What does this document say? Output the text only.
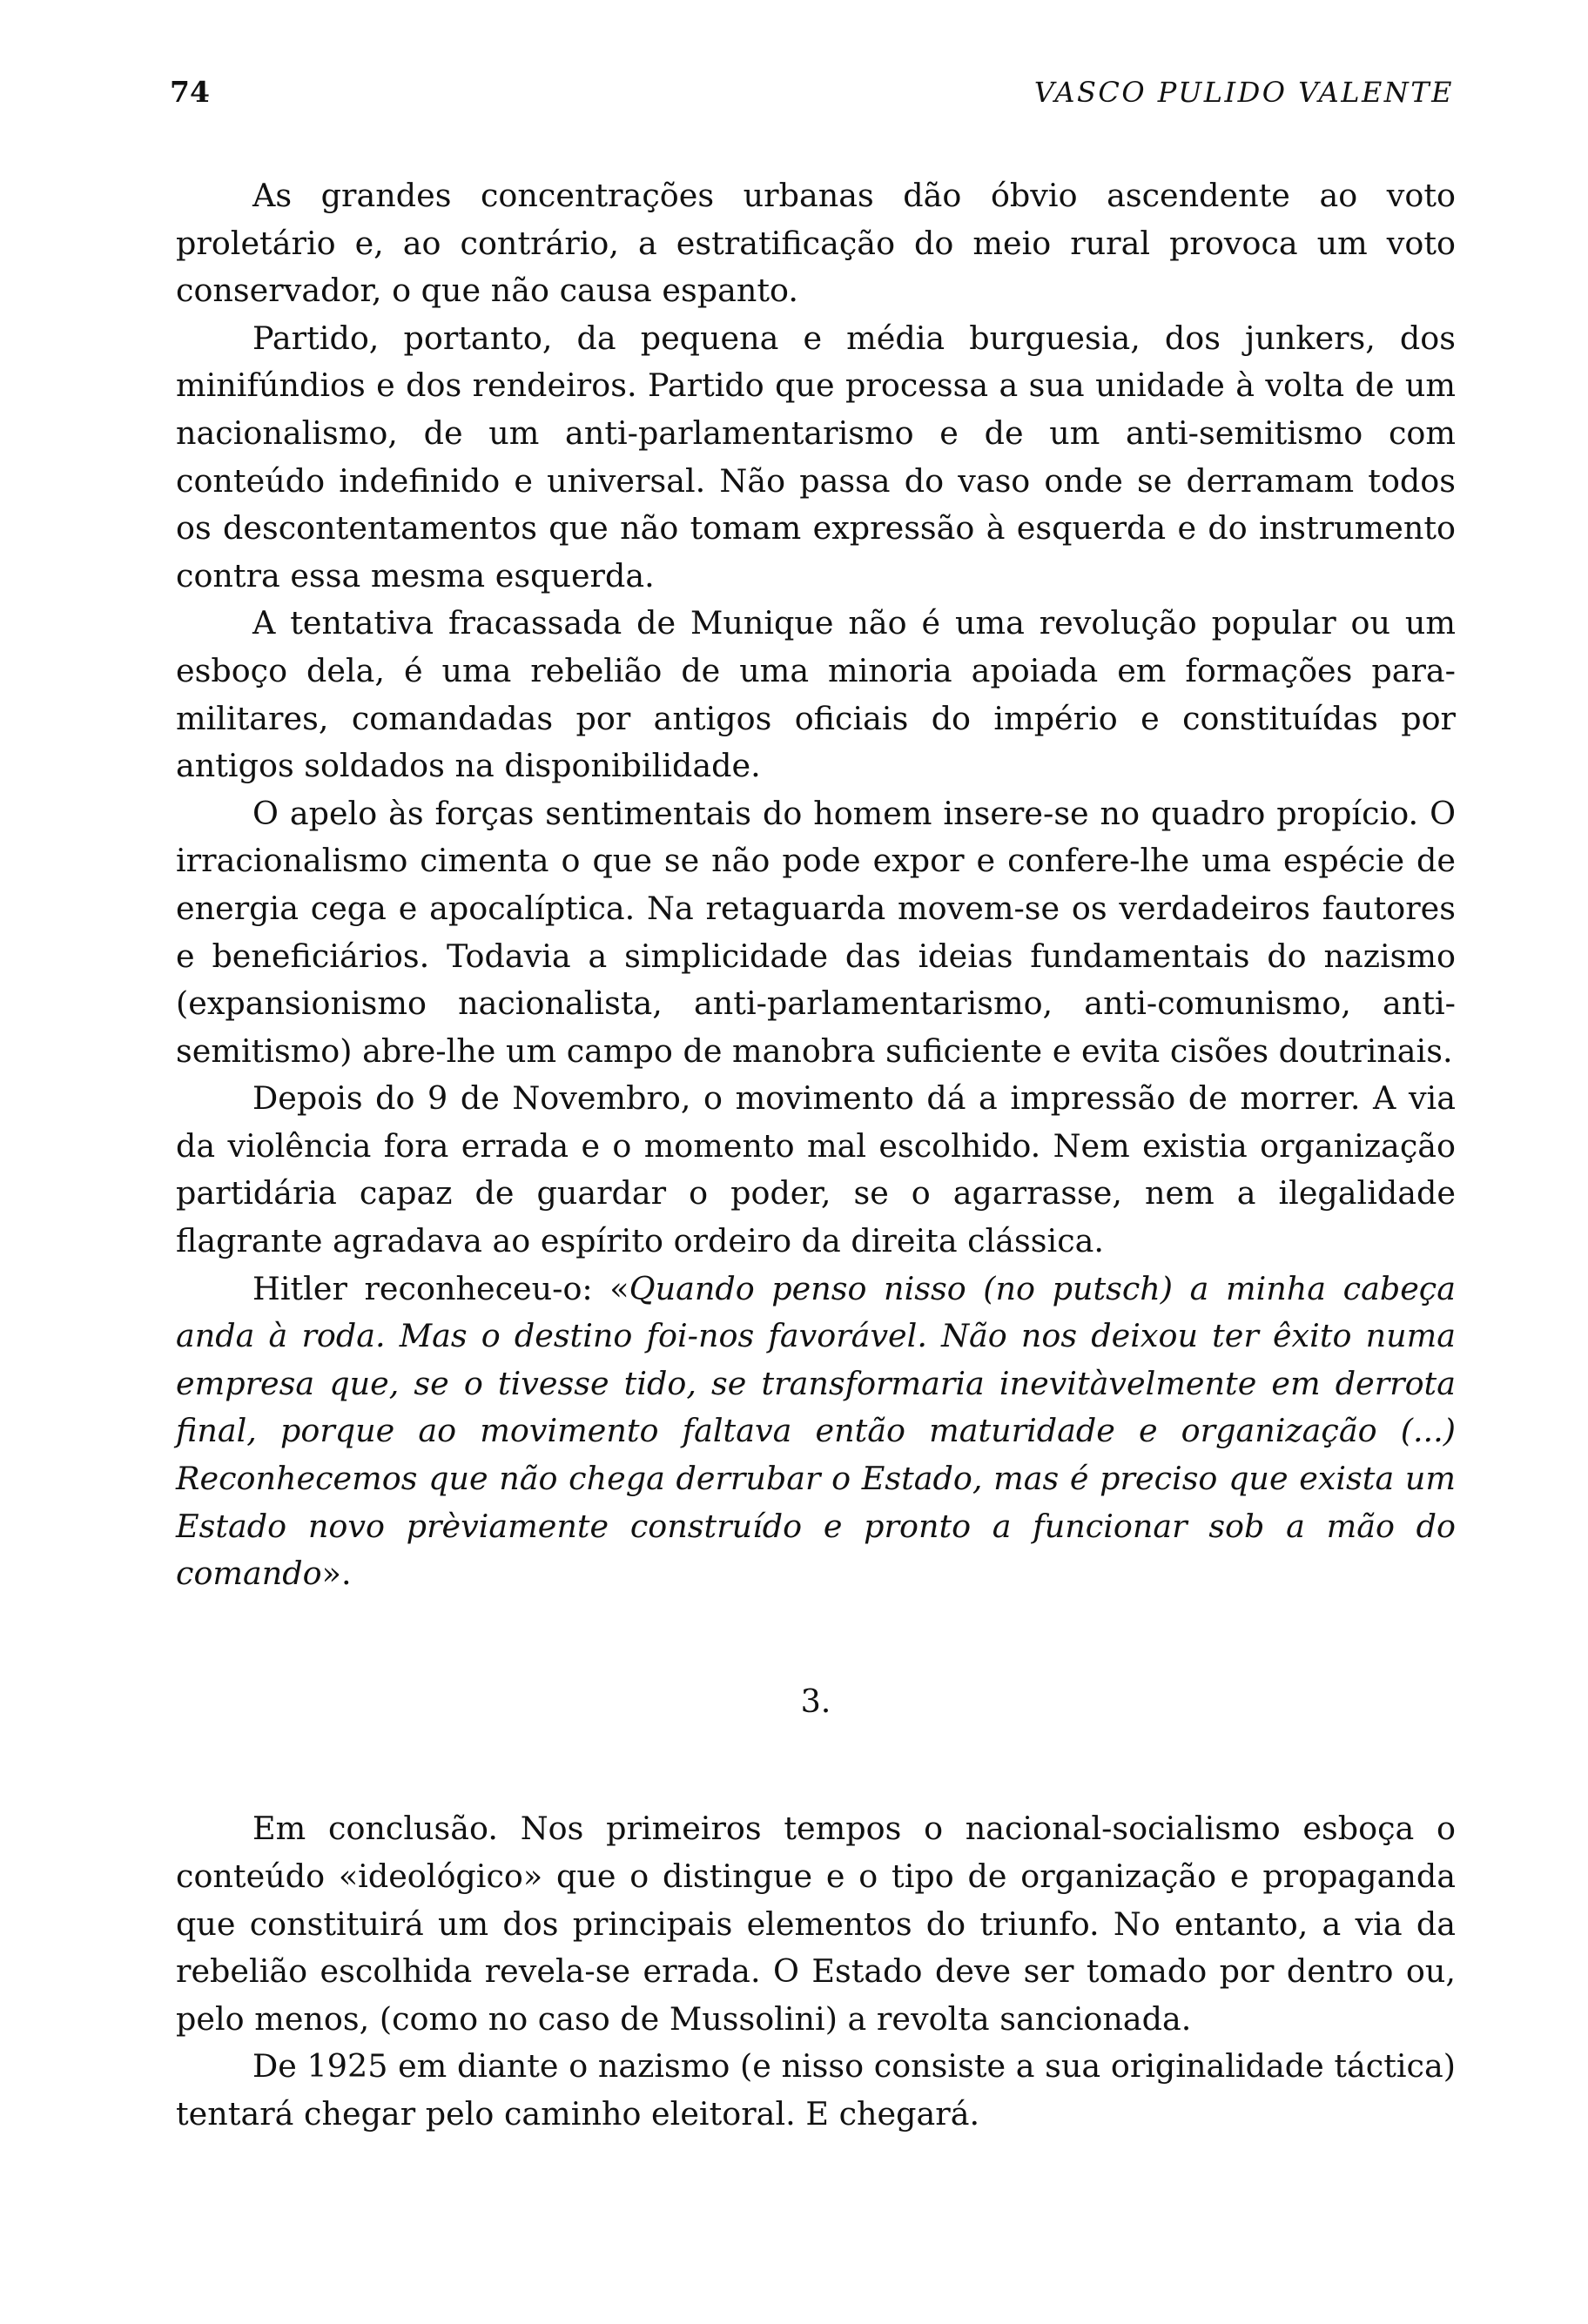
74	VASCO PULIDO VALENTE

As grandes concentrações urbanas dão óbvio ascendente ao voto proletário e, ao contrário, a estratificação do meio rural provoca um voto conservador, o que não causa espanto.

Partido, portanto, da pequena e média burguesia, dos junkers, dos minifúndios e dos rendeiros. Partido que processa a sua unidade à volta de um nacionalismo, de um anti-parlamentarismo e de um anti-semitismo com conteúdo indefinido e universal. Não passa do vaso onde se derramam todos os descontentamentos que não tomam expressão à esquerda e do instrumento contra essa mesma esquerda.

A tentativa fracassada de Munique não é uma revolução popular ou um esboço dela, é uma rebelião de uma minoria apoiada em formações para-militares, comandadas por antigos oficiais do império e constituídas por antigos soldados na disponibilidade.

O apelo às forças sentimentais do homem insere-se no quadro propício. O irracionalismo cimenta o que se não pode expor e confere-lhe uma espécie de energia cega e apocalíptica. Na retaguarda movem-se os verdadeiros fautores e beneficiários. Todavia a simplicidade das ideias fundamentais do nazismo (expansionismo nacionalista, anti-parlamentarismo, anti-comunismo, anti-semitismo) abre-lhe um campo de manobra suficiente e evita cisões doutrinais.

Depois do 9 de Novembro, o movimento dá a impressão de morrer. A via da violência fora errada e o momento mal escolhido. Nem existia organização partidária capaz de guardar o poder, se o agarrasse, nem a ilegalidade flagrante agradava ao espírito ordeiro da direita clássica.

Hitler reconheceu-o: «Quando penso nisso (no putsch) a minha cabeça anda à roda. Mas o destino foi-nos favorável. Não nos deixou ter êxito numa empresa que, se o tivesse tido, se transformaria inevitàvelmente em derrota final, porque ao movimento faltava então maturidade e organização (...) Reconhecemos que não chega derrubar o Estado, mas é preciso que exista um Estado novo prèviamente construído e pronto a funcionar sob a mão do comando».

3.

Em conclusão. Nos primeiros tempos o nacional-socialismo esboça o conteúdo «ideológico» que o distingue e o tipo de organização e propaganda que constituirá um dos principais elementos do triunfo. No entanto, a via da rebelião escolhida revela-se errada. O Estado deve ser tomado por dentro ou, pelo menos, (como no caso de Mussolini) a revolta sancionada.

De 1925 em diante o nazismo (e nisso consiste a sua originalidade táctica) tentará chegar pelo caminho eleitoral. E chegará.
